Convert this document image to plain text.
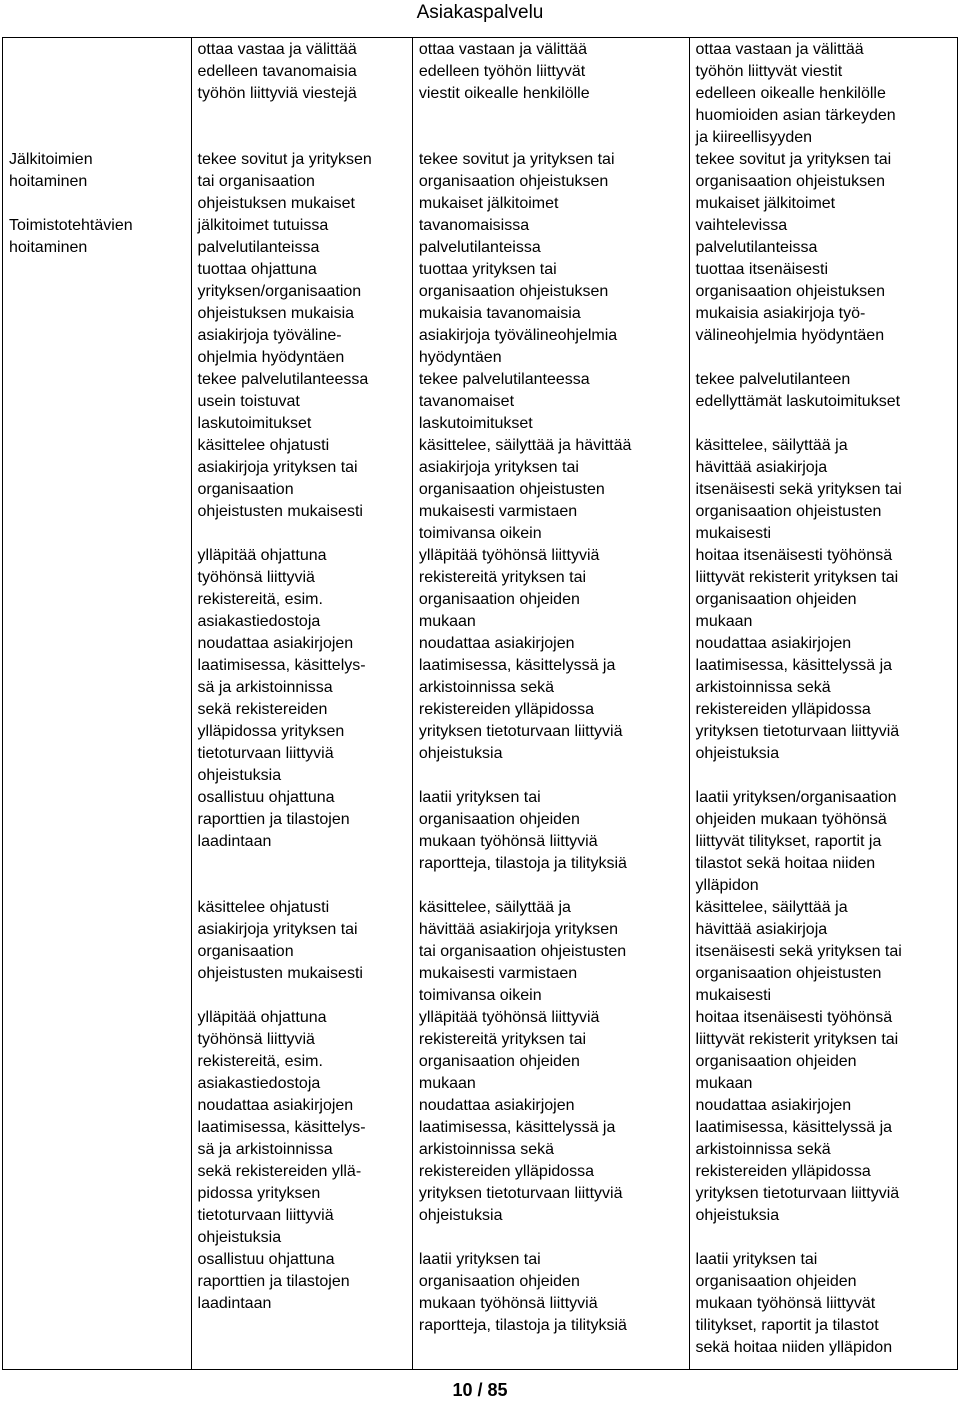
Asiakaspalvelu
Jälkitoimien
hoitaminen
Toimistotehtävien
hoitaminen

ottaa vastaa ja välittää
edelleen tavanomaisia
työhön liittyviä viestejä
tekee sovitut ja yrityksen
tai organisaation
ohjeistuksen mukaiset
jälkitoimet tutuissa
palvelutilanteissa
tuottaa ohjattuna
yrityksen/organisaation
ohjeistuksen mukaisia
asiakirjoja työväline-
ohjelmia hyödyntäen
tekee palvelutilanteessa
usein toistuvat
laskutoimitukset
käsittelee ohjatusti
asiakirjoja yrityksen tai
organisaation
ohjeistusten mukaisesti
ylläpitää ohjattuna
työhönsä liittyviä
rekistereitä, esim.
asiakastiedostoja
noudattaa asiakirjojen
laatimisessa, käsittelys-
sä ja arkistoinnissa
sekä rekistereiden
ylläpidossa yrityksen
tietoturvaan liittyviä
ohjeistuksia
osallistuu ohjattuna
raporttien ja tilastojen
laadintaan
käsittelee ohjatusti
asiakirjoja yrityksen tai
organisaation
ohjeistusten mukaisesti
ylläpitää ohjattuna
työhönsä liittyviä
rekistereitä, esim.
asiakastiedostoja
noudattaa asiakirjojen
laatimisessa, käsittelys-
sä ja arkistoinnissa
sekä rekistereiden yllä-
pidossa yrityksen
tietoturvaan liittyviä
ohjeistuksia
osallistuu ohjattuna
raporttien ja tilastojen
laadintaan

ottaa vastaan ja välittää
edelleen työhön liittyvät
viestit oikealle henkilölle
tekee sovitut ja yrityksen tai
organisaation ohjeistuksen
mukaiset jälkitoimet
tavanomaisissa
palvelutilanteissa
tuottaa yrityksen tai
organisaation ohjeistuksen
mukaisia tavanomaisia
asiakirjoja työvälineohjelmia
hyödyntäen
tekee palvelutilanteessa
tavanomaiset
laskutoimitukset
käsittelee, säilyttää ja hävittää
asiakirjoja yrityksen tai
organisaation ohjeistusten
mukaisesti varmistaen
toimivansa oikein
ylläpitää työhönsä liittyviä
rekistereitä yrityksen tai
organisaation ohjeiden
mukaan
noudattaa asiakirjojen
laatimisessa, käsittelyssä ja
arkistoinnissa sekä
rekistereiden ylläpidossa
yrityksen tietoturvaan liittyviä
ohjeistuksia
laatii yrityksen tai
organisaation ohjeiden
mukaan työhönsä liittyviä
raportteja, tilastoja ja tilityksiä
käsittelee, säilyttää ja
hävittää asiakirjoja yrityksen
tai organisaation ohjeistusten
mukaisesti varmistaen
toimivansa oikein
ylläpitää työhönsä liittyviä
rekistereitä yrityksen tai
organisaation ohjeiden
mukaan
noudattaa asiakirjojen
laatimisessa, käsittelyssä ja
arkistoinnissa sekä
rekistereiden ylläpidossa
yrityksen tietoturvaan liittyviä
ohjeistuksia
laatii yrityksen tai
organisaation ohjeiden
mukaan työhönsä liittyviä
raportteja, tilastoja ja tilityksiä

ottaa vastaan ja välittää
työhön liittyvät viestit
edelleen oikealle henkilölle
huomioiden asian tärkeyden
ja kiireellisyyden
tekee sovitut ja yrityksen tai
organisaation ohjeistuksen
mukaiset jälkitoimet
vaihtelevissa
palvelutilanteissa
tuottaa itsenäisesti
organisaation ohjeistuksen
mukaisia asiakirjoja työ-
välineohjelmia hyödyntäen
tekee palvelutilanteen
edellyttämät laskutoimitukset
käsittelee, säilyttää ja
hävittää asiakirjoja
itsenäisesti sekä yrityksen tai
organisaation ohjeistusten
mukaisesti
hoitaa itsenäisesti työhönsä
liittyvät rekisterit yrityksen tai
organisaation ohjeiden
mukaan
noudattaa asiakirjojen
laatimisessa, käsittelyssä ja
arkistoinnissa sekä
rekistereiden ylläpidossa
yrityksen tietoturvaan liittyviä
ohjeistuksia
laatii yrityksen/organisaation
ohjeiden mukaan työhönsä
liittyvät tilitykset, raportit ja
tilastot sekä hoitaa niiden
ylläpidon
käsittelee, säilyttää ja
hävittää asiakirjoja
itsenäisesti sekä yrityksen tai
organisaation ohjeistusten
mukaisesti
hoitaa itsenäisesti työhönsä
liittyvät rekisterit yrityksen tai
organisaation ohjeiden
mukaan
noudattaa asiakirjojen
laatimisessa, käsittelyssä ja
arkistoinnissa sekä
rekistereiden ylläpidossa
yrityksen tietoturvaan liittyviä
ohjeistuksia
laatii yrityksen tai
organisaation ohjeiden
mukaan työhönsä liittyvät
tilitykset, raportit ja tilastot
sekä hoitaa niiden ylläpidon
10 / 85
